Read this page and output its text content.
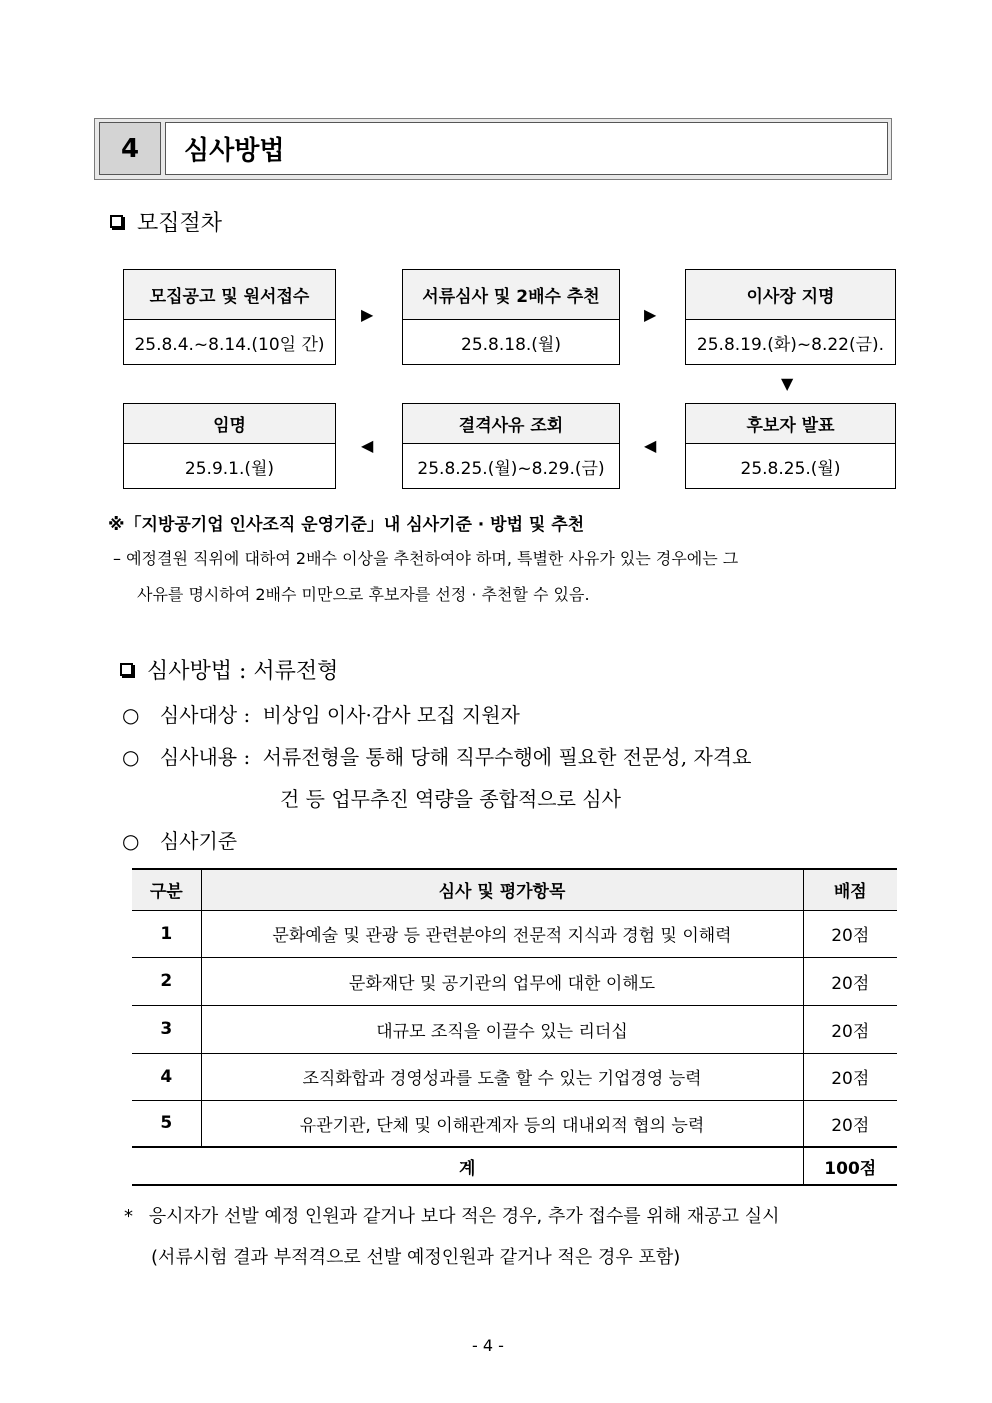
4	심사방법
모집절차
모집공고 및 원서접수
25.8.4.~8.14.(10일 간)
▶
서류심사 및 2배수 추천
25.8.18.(월)
▶
이사장 지명
25.8.19.(화)~8.22(금).
▼
임명
25.9.1.(월)
◀
결격사유 조회
25.8.25.(월)~8.29.(금)
◀
후보자 발표
25.8.25.(월)
※「지방공기업 인사조직 운영기준」내 심사기준 · 방법 및 추천
– 예정결원 직위에 대하여 2배수 이상을 추천하여야 하며, 특별한 사유가 있는 경우에는 그
사유를 명시하여 2배수 미만으로 후보자를 선정 · 추천할 수 있음.
심사방법 : 서류전형
○ 심사대상 : 비상임 이사·감사 모집 지원자
○ 심사내용 : 서류전형을 통해 당해 직무수행에 필요한 전문성, 자격요
건 등 업무추진 역량을 종합적으로 심사
○ 심사기준
구분	심사 및 평가항목	배점
1	문화예술 및 관광 등 관련분야의 전문적 지식과 경험 및 이해력	20점
2	문화재단 및 공기관의 업무에 대한 이해도	20점
3	대규모 조직을 이끌수 있는 리더십	20점
4	조직화합과 경영성과를 도출 할 수 있는 기업경영 능력	20점
5	유관기관, 단체 및 이해관계자 등의 대내외적 협의 능력	20점
계		100점
* 응시자가 선발 예정 인원과 같거나 보다 적은 경우, 추가 접수를 위해 재공고 실시
(서류시험 결과 부적격으로 선발 예정인원과 같거나 적은 경우 포함)
- 4 -
